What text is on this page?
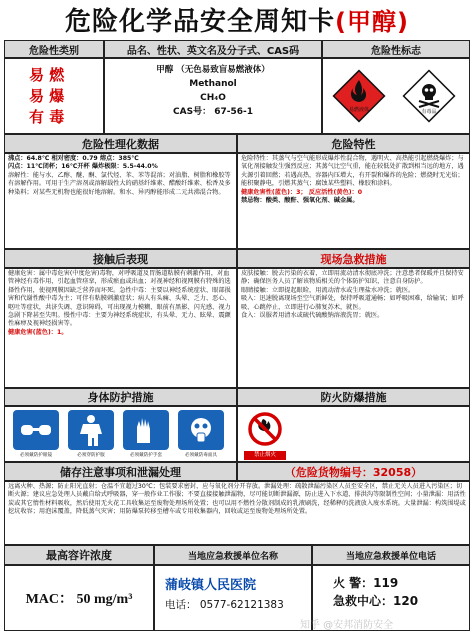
危险化学品安全周知卡 (甲醇)
危险性类别	品名、性状、英文名及分子式、CAS码	危险性标志
易 燃
易 爆
有 毒
甲醇 （无色易致盲易燃液体）
Methanol
CH₄O
CAS号： 67-56-1	易燃液体	有毒品
危险性理化数据	危险特性
沸点：64.8℃ 相对密度：0.79 熔点：385℃
闪点：11℃闭杯；16℃开杯 爆炸极限：5.5-44.0%
溶解性：能与水、乙醇、醚、酮、氯代烃、苯、苯等混溶；对油脂、树脂和橡胶等有溶解作用。可用于生产溶剂或溶解载性大的硝基纤维素、醋酸纤维素、松香及多种染料；对某些无机物也能很好地溶解。和水、异丙醇能形成二元共沸混合物。
危险特性：其蒸气与空气能形成爆炸性混合物，遇明火、高热能引起燃烧爆炸；与氧化剂接触发生强烈反应；其蒸气比空气重，能在较低处扩散到相当远的地方，遇火源引着回燃；若遇高热，容器内压增大，有开裂和爆炸的危险；燃烧时无光焰；能积聚静电，引燃其蒸气；腐蚀某些塑料、橡胶和涂料。
健康危害性(蓝色)：3； 反应活性(黄色)：0
禁忌物：酸类、酸酐、强氧化剂、碱金属。
接触后表现	现场急救措施
健康危害：属中毒危害(中度危害)毒物，对呼吸道及胃肠道粘膜有刺激作用，对血管神经有毒作用，引起血管痉挛，形成瘀血或出血；对视神经和视网膜有特殊的选择性作用，使视网膜因缺乏营养而坏死。急性中毒：主要以神经系统症状、眼部损害和代谢性酸中毒为主；可伴有粘膜刺激症状；病人有头痛、头晕、乏力、恶心、呕吐等症状，共济失调、意识障碍，可出现视力模糊、眼前有黑影、闪光感、视力急剧下降甚至失明。慢性中毒：主要为神经系统症状，有头晕、无力、眩晕、震颤性麻痹及视神经损害等。
健康危害(蓝色)：1。
皮肤接触：脱去污染的衣着，立即用流动清水彻底冲洗；注意患者保暖并且保持安静；确保医务人员了解该物质相关的个体防护知识，注意自身防护。
眼睛接触：立即提起眼睑，用流动清水或生理盐水冲洗；就医。
吸入：迅速脱离现场至空气新鲜处，保持呼吸道通畅；如呼吸困难，给输氧；如呼吸、心跳停止，立即进行心肺复苏术，就医。
食入：误服者用清水或硫代硫酸钠溶液洗胃；就医。
身体防护措施	防火防爆措施
必须戴防护眼镜	必须穿防护服	必须戴防护手套	必须戴防毒面具	禁止烟火
储存注意事项和泄漏处理	（危险货物编号：32058）
远离火种、热源；防止阳光直射；仓温不宜超过30℃；包装要求密封，应与氧化剂分开存放。泄漏处理：疏散泄漏污染区人员至安全区，禁止无关人员进入污染区；切断火源；建议应急处理人员戴自给式呼吸器，穿一般作业工作服；不要直接接触泄漏物，尽可能切断泄漏源，防止进入下水道、排洪沟等限制性空间；小量泄漏：用活性炭或其它惰性材料吸收，然后使用无火花工具收集运至废物处理场所处置；也可以用不燃性分散剂制成的乳液刷洗，经稀释的洗液放入废水系统。大量泄漏：构筑围堤或挖坑收容；用泡沫覆盖，降低蒸气灾害；用防爆泵转移至槽车或专用收集器内，回收或运至废物处理场所处置。
最高容许浓度	当地应急救援单位名称	当地应急救援单位电话
MAC： 50 mg/m³
蒲岐镇人民医院
电话： 0577-62121383
火 警：119
急救中心：120
知乎 @安邦消防安全
